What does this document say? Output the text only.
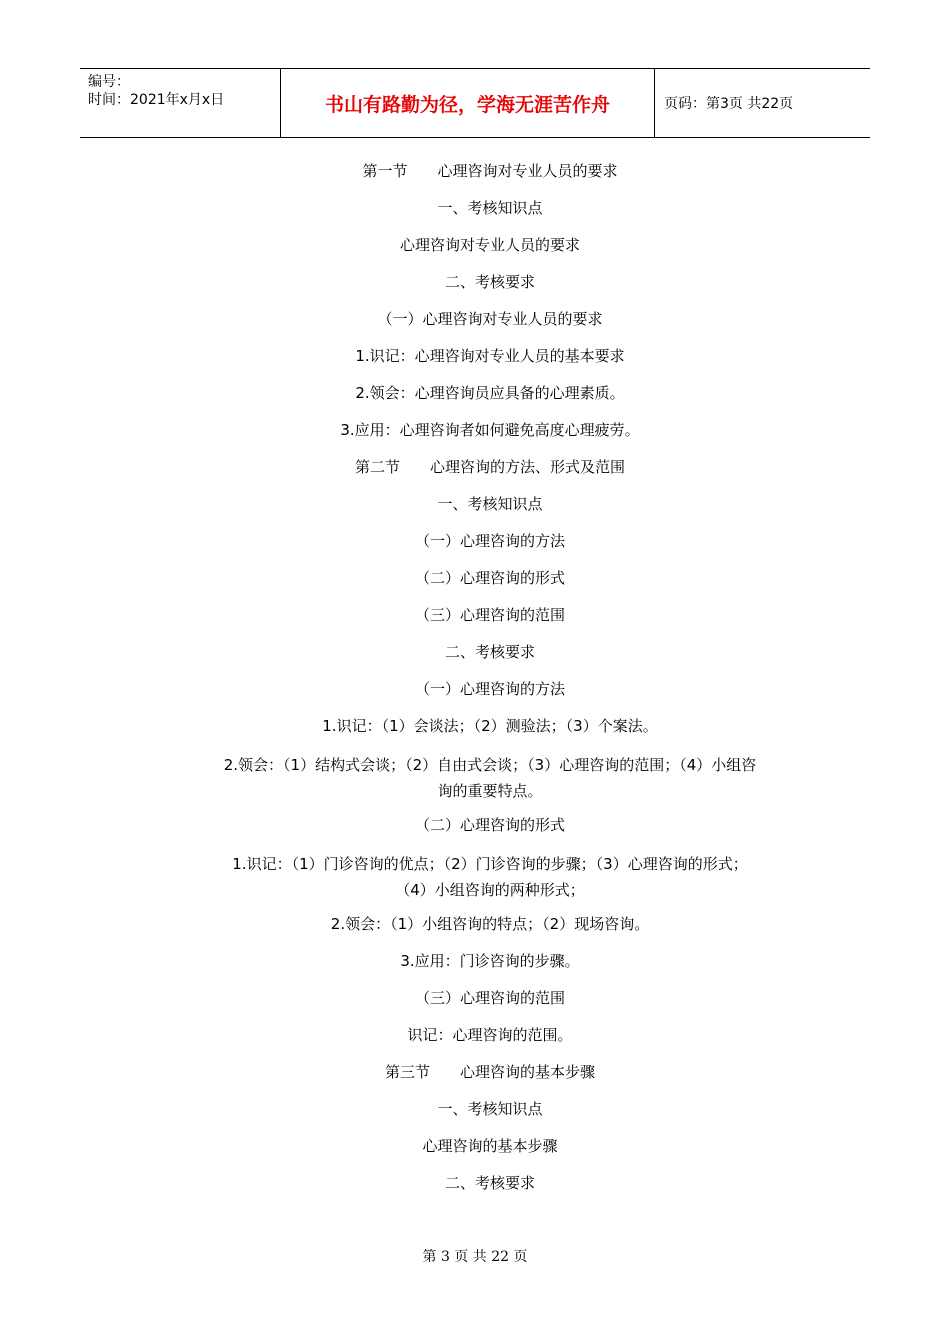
编号：
时间：2021年x月x日	书山有路勤为径，学海无涯苦作舟	页码：第3页 共22页
第一节　　心理咨询对专业人员的要求
一、考核知识点
心理咨询对专业人员的要求
二、考核要求
（一）心理咨询对专业人员的要求
1.识记：心理咨询对专业人员的基本要求
2.领会：心理咨询员应具备的心理素质。
3.应用：心理咨询者如何避免高度心理疲劳。
第二节　　心理咨询的方法、形式及范围
一、考核知识点
（一）心理咨询的方法
（二）心理咨询的形式
（三）心理咨询的范围
二、考核要求
（一）心理咨询的方法
1.识记：（1）会谈法；（2）测验法；（3）个案法。
2.领会：（1）结构式会谈；（2）自由式会谈；（3）心理咨询的范围；（4）小组咨
询的重要特点。
（二）心理咨询的形式
1.识记：（1）门诊咨询的优点；（2）门诊咨询的步骤；（3）心理咨询的形式；
（4）小组咨询的两种形式；
2.领会：（1）小组咨询的特点；（2）现场咨询。
3.应用：门诊咨询的步骤。
（三）心理咨询的范围
识记：心理咨询的范围。
第三节　　心理咨询的基本步骤
一、考核知识点
心理咨询的基本步骤
二、考核要求
第 3 页 共 22 页
